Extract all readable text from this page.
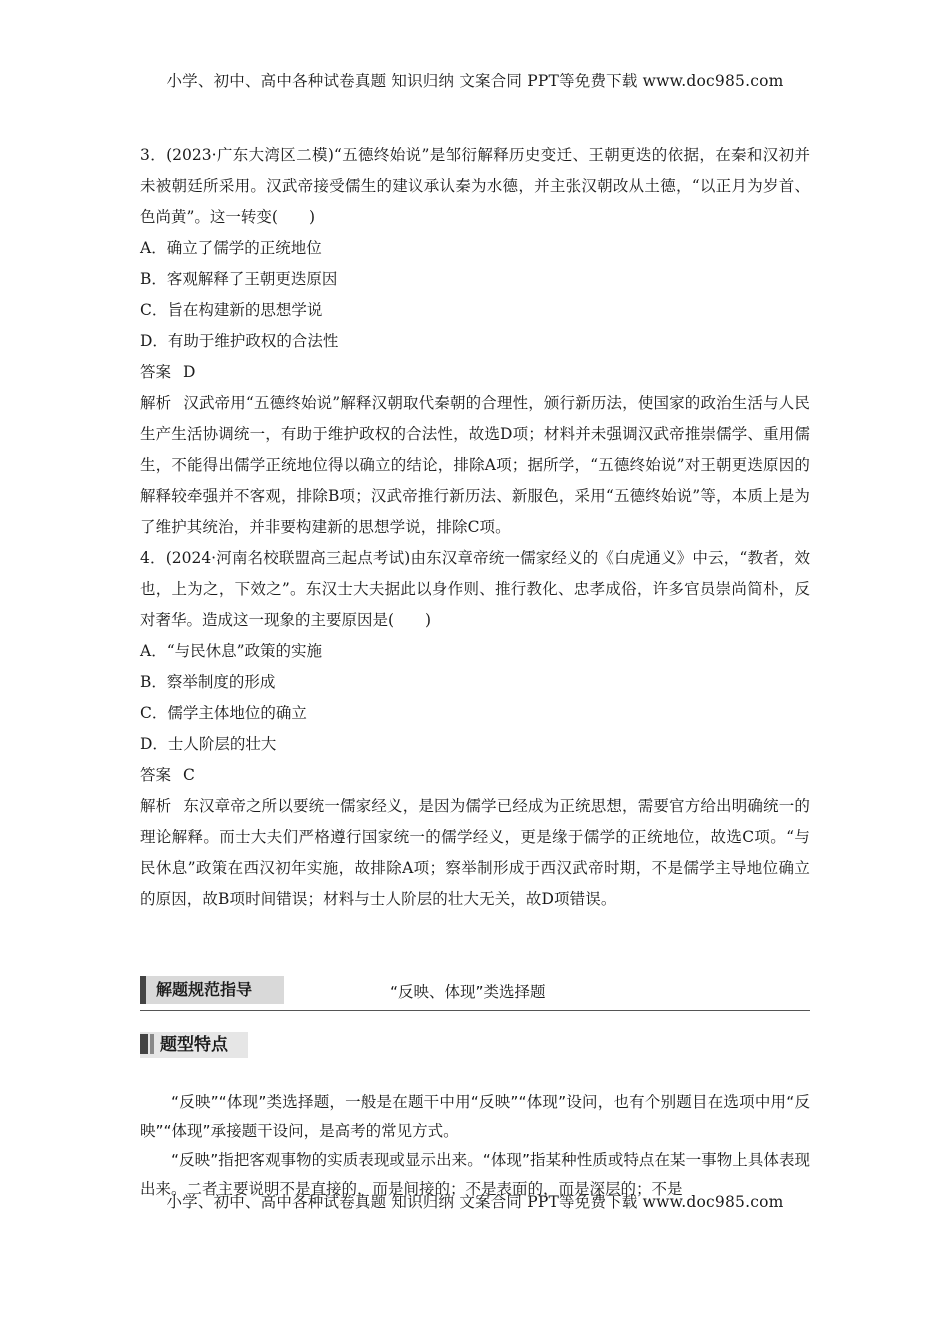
小学、初中、高中各种试卷真题 知识归纳 文案合同 PPT等免费下载 www.doc985.com

3．(2023·广东大湾区二模)“五德终始说”是邹衍解释历史变迁、王朝更迭的依据，在秦和汉初并未被朝廷所采用。汉武帝接受儒生的建议承认秦为水德，并主张汉朝改从土德，“以正月为岁首、色尚黄”。这一转变(　　)

A．确立了儒学的正统地位

B．客观解释了王朝更迭原因

C．旨在构建新的思想学说

D．有助于维护政权的合法性

答案 D

解析 汉武帝用“五德终始说”解释汉朝取代秦朝的合理性，颁行新历法，使国家的政治生活与人民生产生活协调统一，有助于维护政权的合法性，故选D项；材料并未强调汉武帝推崇儒学、重用儒生，不能得出儒学正统地位得以确立的结论，排除A项；据所学，“五德终始说”对王朝更迭原因的解释较牵强并不客观，排除B项；汉武帝推行新历法、新服色，采用“五德终始说”等，本质上是为了维护其统治，并非要构建新的思想学说，排除C项。

4．(2024·河南名校联盟高三起点考试)由东汉章帝统一儒家经义的《白虎通义》中云，“教者，效也，上为之，下效之”。东汉士大夫据此以身作则、推行教化、忠孝成俗，许多官员崇尚简朴，反对奢华。造成这一现象的主要原因是(　　)

A．“与民休息”政策的实施

B．察举制度的形成

C．儒学主体地位的确立

D．士人阶层的壮大

答案 C

解析 东汉章帝之所以要统一儒家经义，是因为儒学已经成为正统思想，需要官方给出明确统一的理论解释。而士大夫们严格遵行国家统一的儒学经义，更是缘于儒学的正统地位，故选C项。“与民休息”政策在西汉初年实施，故排除A项；察举制形成于西汉武帝时期，不是儒学主导地位确立的原因，故B项时间错误；材料与士人阶层的壮大无关，故D项错误。

解题规范指导	“反映、体现”类选择题
题型特点

“反映”“体现”类选择题，一般是在题干中用“反映”“体现”设问，也有个别题目在选项中用“反映”“体现”承接题干设问，是高考的常见方式。

“反映”指把客观事物的实质表现或显示出来。“体现”指某种性质或特点在某一事物上具体表现出来。二者主要说明不是直接的，而是间接的；不是表面的，而是深层的；不是

小学、初中、高中各种试卷真题 知识归纳 文案合同 PPT等免费下载 www.doc985.com
